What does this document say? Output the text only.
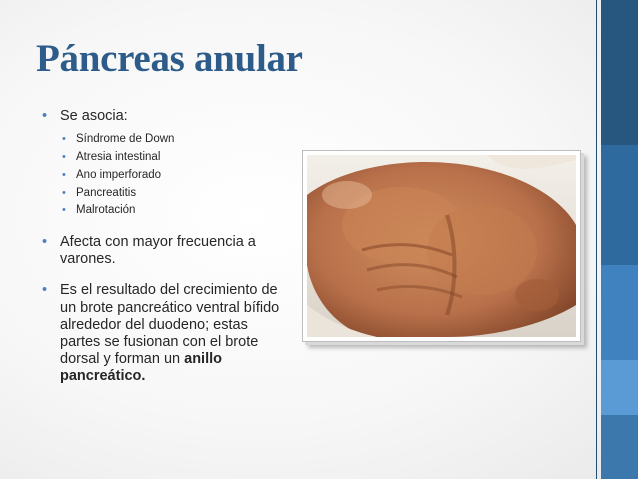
Páncreas anular
• Se asocia:
• Síndrome de Down
• Atresia intestinal
• Ano imperforado
• Pancreatitis
• Malrotación
• Afecta con mayor frecuencia a varones.
• Es el resultado del crecimiento de un brote pancreático ventral bífido alrededor del duodeno; estas partes se fusionan con el brote dorsal y forman un anillo pancreático.
